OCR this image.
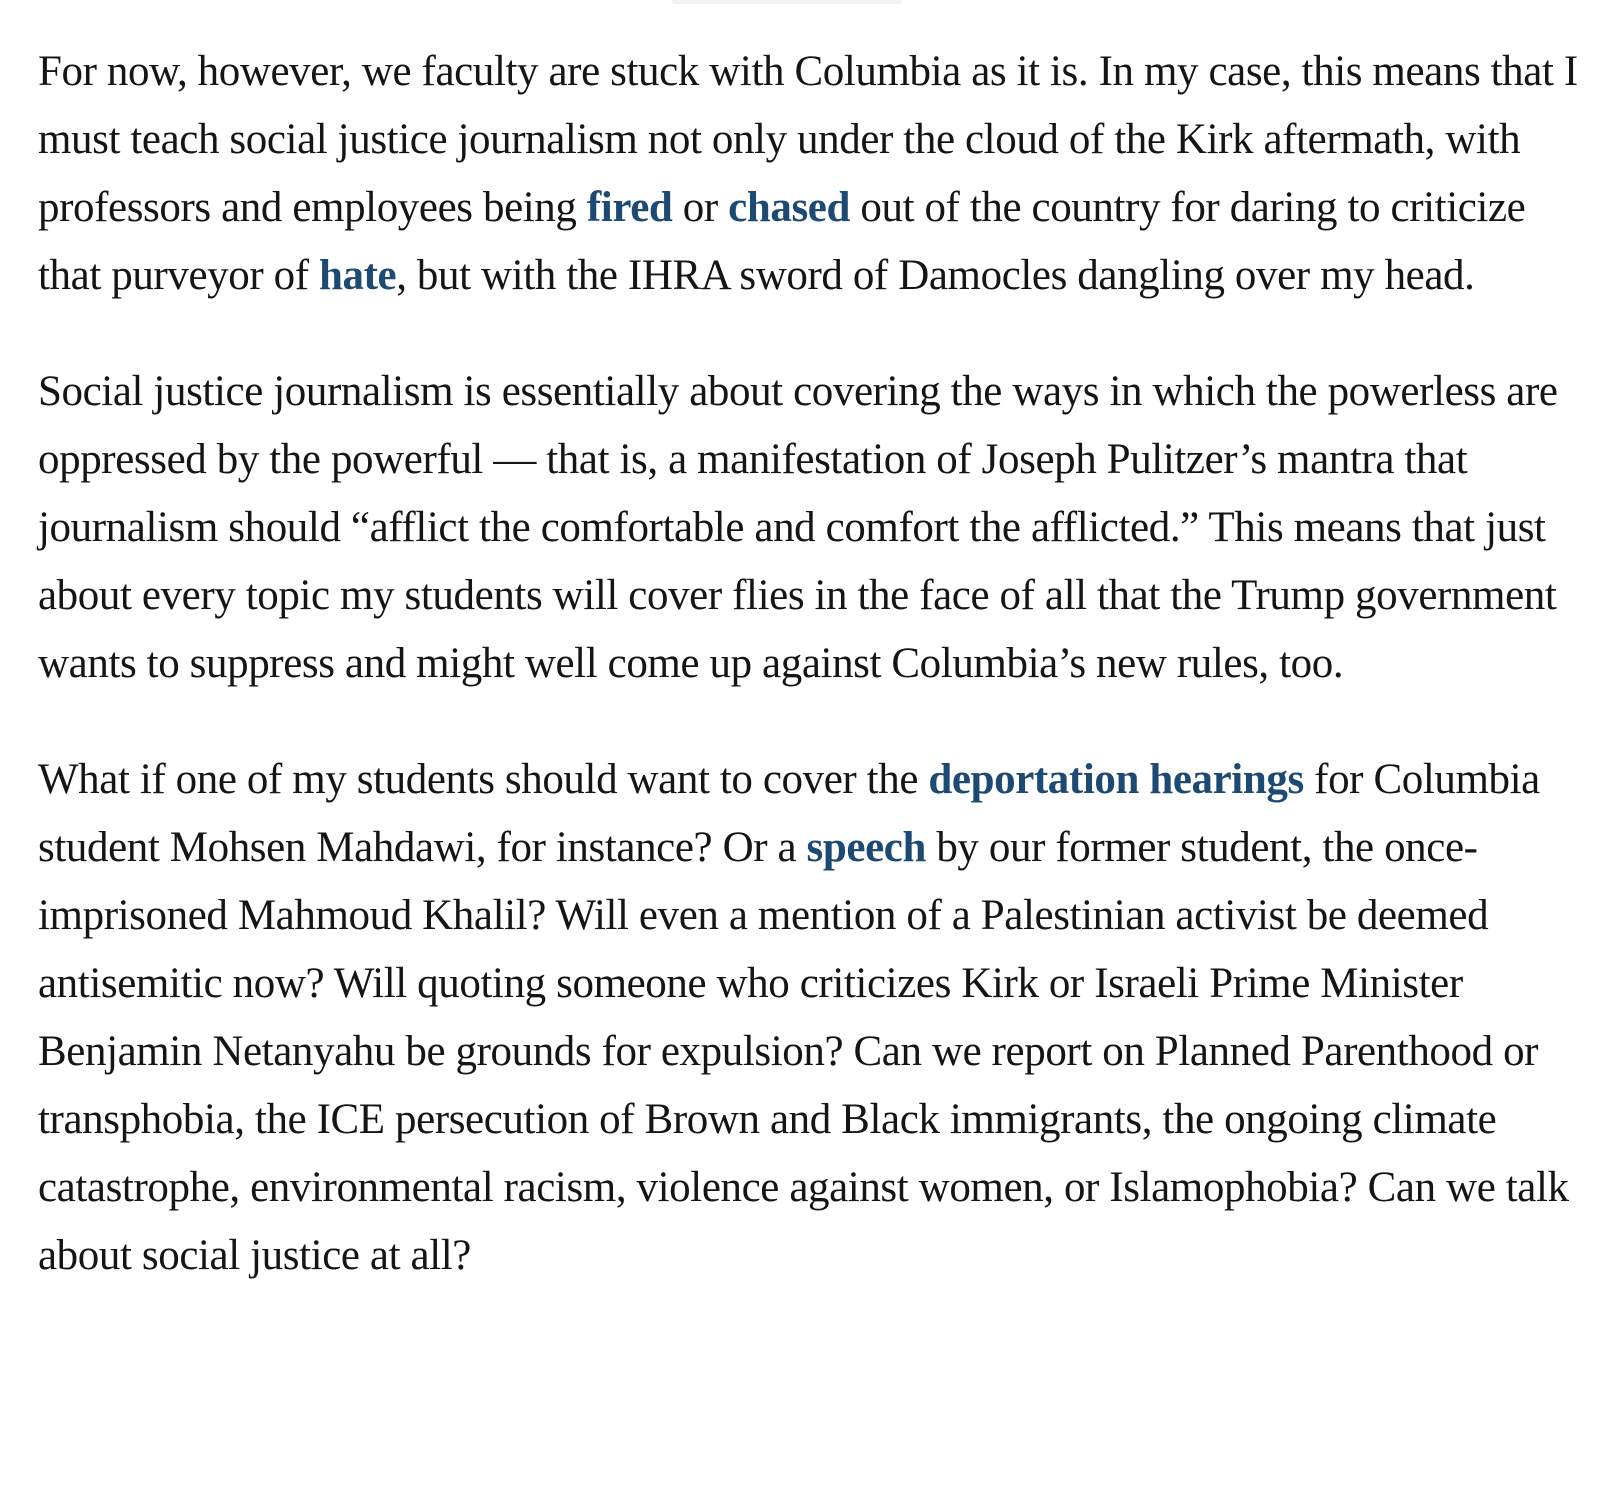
For now, however, we faculty are stuck with Columbia as it is. In my case, this means that I must teach social justice journalism not only under the cloud of the Kirk aftermath, with professors and employees being fired or chased out of the country for daring to criticize that purveyor of hate, but with the IHRA sword of Damocles dangling over my head.

Social justice journalism is essentially about covering the ways in which the powerless are oppressed by the powerful — that is, a manifestation of Joseph Pulitzer’s mantra that journalism should “afflict the comfortable and comfort the afflicted.” This means that just about every topic my students will cover flies in the face of all that the Trump government wants to suppress and might well come up against Columbia’s new rules, too.

What if one of my students should want to cover the deportation hearings for Columbia student Mohsen Mahdawi, for instance? Or a speech by our former student, the once-imprisoned Mahmoud Khalil? Will even a mention of a Palestinian activist be deemed antisemitic now? Will quoting someone who criticizes Kirk or Israeli Prime Minister Benjamin Netanyahu be grounds for expulsion? Can we report on Planned Parenthood or transphobia, the ICE persecution of Brown and Black immigrants, the ongoing climate catastrophe, environmental racism, violence against women, or Islamophobia? Can we talk about social justice at all?
